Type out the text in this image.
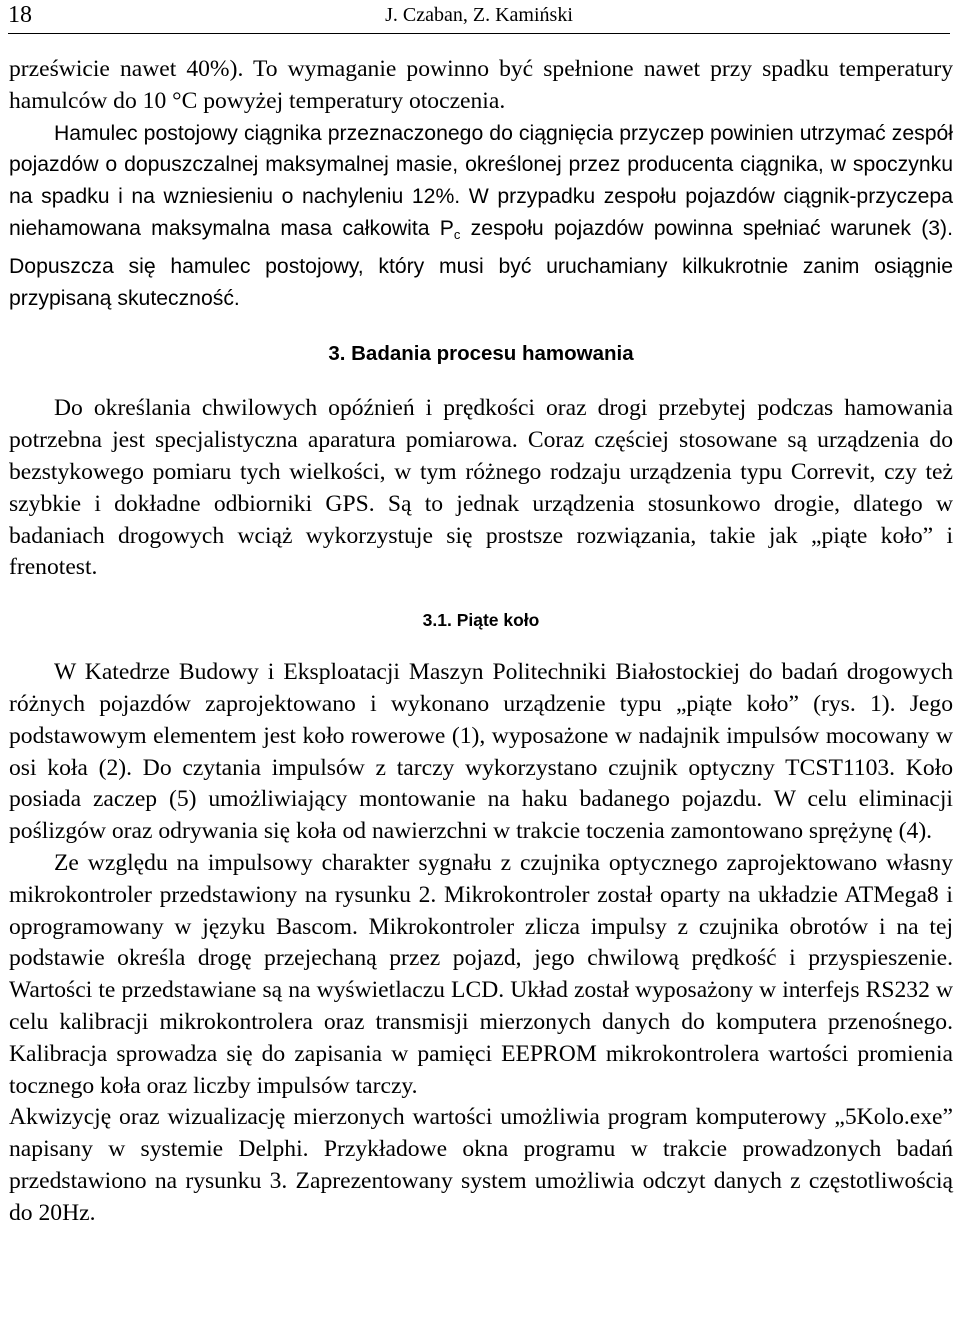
18	J. Czaban, Z. Kamiński

prześwicie nawet 40%). To wymaganie powinno być spełnione nawet przy spadku temperatury hamulców do 10 °C powyżej temperatury otoczenia.

Hamulec postojowy ciągnika przeznaczonego do ciągnięcia przyczep powinien utrzymać zespół pojazdów o dopuszczalnej maksymalnej masie, określonej przez producenta ciągnika, w spoczynku na spadku i na wzniesieniu o nachyleniu 12%. W przypadku zespołu pojazdów ciągnik-przyczepa niehamowana maksymalna masa całkowita $P_c$ zespołu pojazdów powinna spełniać warunek (3). Dopuszcza się hamulec postojowy, który musi być uruchamiany kilkukrotnie zanim osiągnie przypisaną skuteczność.

3. Badania procesu hamowania

Do określania chwilowych opóźnień i prędkości oraz drogi przebytej podczas hamowania potrzebna jest specjalistyczna aparatura pomiarowa. Coraz częściej stosowane są urządzenia do bezstykowego pomiaru tych wielkości, w tym różnego rodzaju urządzenia typu Correvit, czy też szybkie i dokładne odbiorniki GPS. Są to jednak urządzenia stosunkowo drogie, dlatego w badaniach drogowych wciąż wykorzystuje się prostsze rozwiązania, takie jak „piąte koło” i frenotest.

3.1. Piąte koło

W Katedrze Budowy i Eksploatacji Maszyn Politechniki Białostockiej do badań drogowych różnych pojazdów zaprojektowano i wykonano urządzenie typu „piąte koło” (rys. 1). Jego podstawowym elementem jest koło rowerowe (1), wyposażone w nadajnik impulsów mocowany w osi koła (2). Do czytania impulsów z tarczy wykorzystano czujnik optyczny TCST1103. Koło posiada zaczep (5) umożliwiający montowanie na haku badanego pojazdu. W celu eliminacji poślizgów oraz odrywania się koła od nawierzchni w trakcie toczenia zamontowano sprężynę (4).

Ze względu na impulsowy charakter sygnału z czujnika optycznego zaprojektowano własny mikrokontroler przedstawiony na rysunku 2. Mikrokontroler został oparty na układzie ATMega8 i oprogramowany w języku Bascom. Mikrokontroler zlicza impulsy z czujnika obrotów i na tej podstawie określa drogę przejechaną przez pojazd, jego chwilową prędkość i przyspieszenie. Wartości te przedstawiane są na wyświetlaczu LCD. Układ został wyposażony w interfejs RS232 w celu kalibracji mikrokontrolera oraz transmisji mierzonych danych do komputera przenośnego. Kalibracja sprowadza się do zapisania w pamięci EEPROM mikrokontrolera wartości promienia tocznego koła oraz liczby impulsów tarczy.

Akwizycję oraz wizualizację mierzonych wartości umożliwia program komputerowy „5Kolo.exe” napisany w systemie Delphi. Przykładowe okna programu w trakcie prowadzonych badań przedstawiono na rysunku 3. Zaprezentowany system umożliwia odczyt danych z częstotliwością do 20Hz.
